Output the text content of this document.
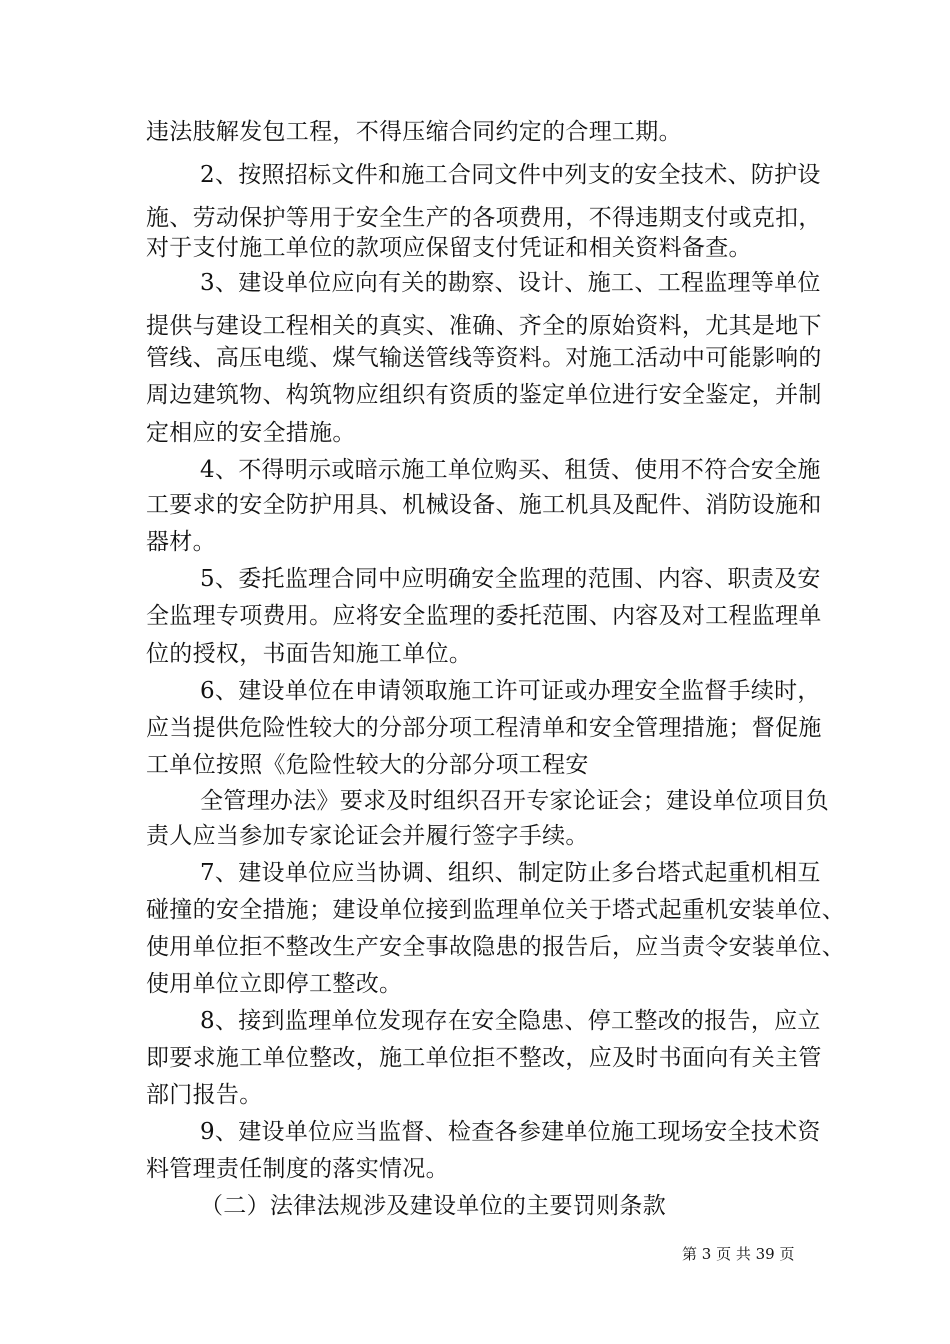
违法肢解发包工程，不得压缩合同约定的合理工期。
2、按照招标文件和施工合同文件中列支的安全技术、防护设
施、劳动保护等用于安全生产的各项费用，不得违期支付或克扣，
对于支付施工单位的款项应保留支付凭证和相关资料备查。
3、建设单位应向有关的勘察、设计、施工、工程监理等单位
提供与建设工程相关的真实、准确、齐全的原始资料，尤其是地下
管线、高压电缆、煤气输送管线等资料。对施工活动中可能影响的
周边建筑物、构筑物应组织有资质的鉴定单位进行安全鉴定，并制
定相应的安全措施。
4、不得明示或暗示施工单位购买、租赁、使用不符合安全施
工要求的安全防护用具、机械设备、施工机具及配件、消防设施和
器材。
5、委托监理合同中应明确安全监理的范围、内容、职责及安
全监理专项费用。应将安全监理的委托范围、内容及对工程监理单
位的授权，书面告知施工单位。
6、建设单位在申请领取施工许可证或办理安全监督手续时，
应当提供危险性较大的分部分项工程清单和安全管理措施；督促施
工单位按照《危险性较大的分部分项工程安
全管理办法》要求及时组织召开专家论证会；建设单位项目负
责人应当参加专家论证会并履行签字手续。
7、建设单位应当协调、组织、制定防止多台塔式起重机相互
碰撞的安全措施；建设单位接到监理单位关于塔式起重机安装单位、
使用单位拒不整改生产安全事故隐患的报告后，应当责令安装单位、
使用单位立即停工整改。
8、接到监理单位发现存在安全隐患、停工整改的报告，应立
即要求施工单位整改，施工单位拒不整改，应及时书面向有关主管
部门报告。
9、建设单位应当监督、检查各参建单位施工现场安全技术资
料管理责任制度的落实情况。
（二）法律法规涉及建设单位的主要罚则条款
第 3 页 共 39 页
